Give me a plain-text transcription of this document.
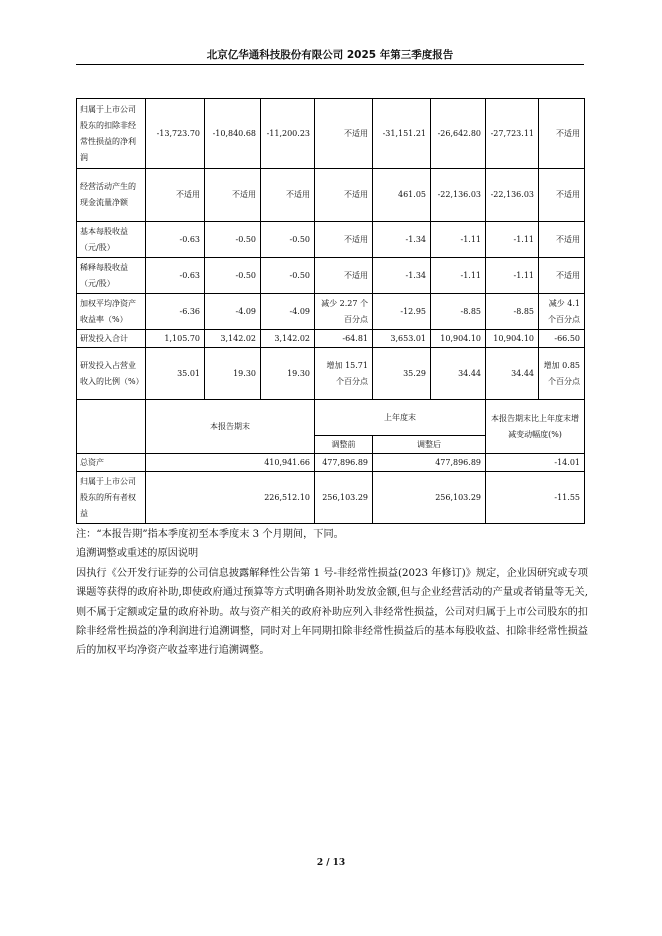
北京亿华通科技股份有限公司 2025 年第三季度报告
归属于上市公司股东的扣除非经常性损益的净利润	-13,723.70	-10,840.68	-11,200.23	不适用	-31,151.21	-26,642.80	-27,723.11	不适用
经营活动产生的现金流量净额	不适用	不适用	不适用	不适用	461.05	-22,136.03	-22,136.03	不适用
基本每股收益（元/股）	-0.63	-0.50	-0.50	不适用	-1.34	-1.11	-1.11	不适用
稀释每股收益（元/股）	-0.63	-0.50	-0.50	不适用	-1.34	-1.11	-1.11	不适用
加权平均净资产收益率（%）	-6.36	-4.09	-4.09	减少 2.27 个百分点	-12.95	-8.85	-8.85	减少 4.1 个百分点
研发投入合计	1,105.70	3,142.02	3,142.02	-64.81	3,653.01	10,904.10	10,904.10	-66.50
研发投入占营业收入的比例（%）	35.01	19.30	19.30	增加 15.71 个百分点	35.29	34.44	34.44	增加 0.85 个百分点
	本报告期末			上年度末			本报告期末比上年度末增减变动幅度(%)	
				调整前	调整后			
总资产	410,941.66			477,896.89	477,896.89		-14.01	
归属于上市公司股东的所有者权益	226,512.10			256,103.29	256,103.29		-11.55	

注：“本报告期”指本季度初至本季度末 3 个月期间，下同。

追溯调整或重述的原因说明

因执行《公开发行证券的公司信息披露解释性公告第 1 号-非经常性损益(2023 年修订)》规定，企业因研究或专项课题等获得的政府补助,即使政府通过预算等方式明确各期补助发放金额,但与企业经营活动的产量或者销量等无关,则不属于定额或定量的政府补助。故与资产相关的政府补助应列入非经常性损益，公司对归属于上市公司股东的扣除非经常性损益的净利润进行追溯调整，同时对上年同期扣除非经常性损益后的基本每股收益、扣除非经常性损益后的加权平均净资产收益率进行追溯调整。

2 / 13
